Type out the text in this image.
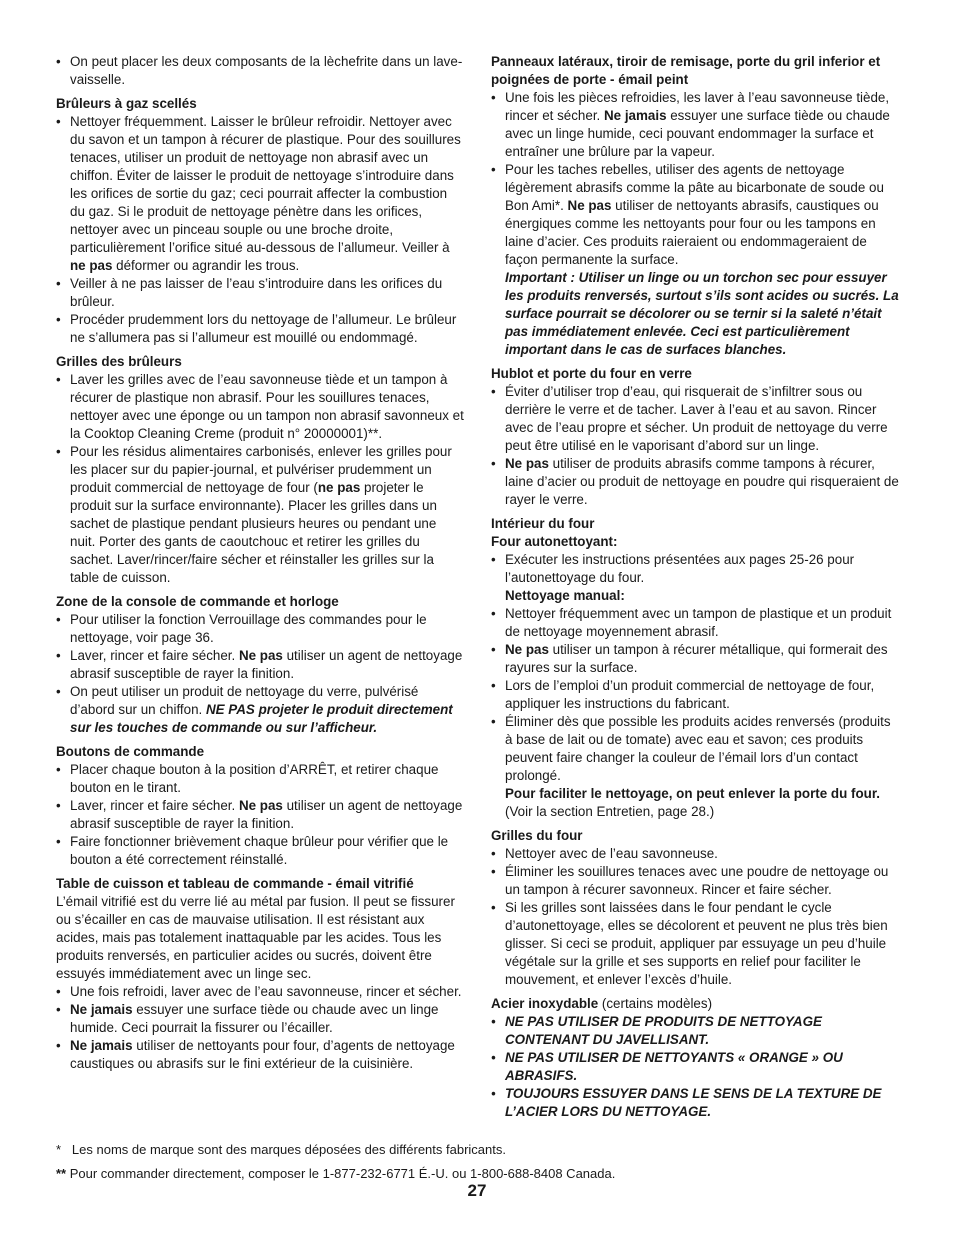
• On peut placer les deux composants de la lèchefrite dans un lave-vaisselle.
Brûleurs à gaz scellés
• Nettoyer fréquemment. Laisser le brûleur refroidir. Nettoyer avec du savon et un tampon à récurer de plastique. Pour des souillures tenaces, utiliser un produit de nettoyage non abrasif avec un chiffon. Éviter de laisser le produit de nettoyage s’introduire dans les orifices de sortie du gaz; ceci pourrait affecter la combustion du gaz. Si le produit de nettoyage pénètre dans les orifices, nettoyer avec un pinceau souple ou une broche droite, particulièrement l’orifice situé au-dessous de l’allumeur. Veiller à ne pas déformer ou agrandir les trous.
• Veiller à ne pas laisser de l’eau s’introduire dans les orifices du brûleur.
• Procéder prudemment lors du nettoyage de l’allumeur. Le brûleur ne s’allumera pas si l’allumeur est mouillé ou endommagé.
Grilles des brûleurs
• Laver les grilles avec de l’eau savonneuse tiède et un tampon à récurer de plastique non abrasif. Pour les souillures tenaces, nettoyer avec une éponge ou un tampon non abrasif savonneux et la Cooktop Cleaning Creme (produit n° 20000001)**.
• Pour les résidus alimentaires carbonisés, enlever les grilles pour les placer sur du papier-journal, et pulvériser prudemment un produit commercial de nettoyage de four (ne pas projeter le produit sur la surface environnante). Placer les grilles dans un sachet de plastique pendant plusieurs heures ou pendant une nuit. Porter des gants de caoutchouc et retirer les grilles du sachet. Laver/rincer/faire sécher et réinstaller les grilles sur la table de cuisson.
Zone de la console de commande et horloge
• Pour utiliser la fonction Verrouillage des commandes pour le nettoyage, voir page 36.
• Laver, rincer et faire sécher. Ne pas utiliser un agent de nettoyage abrasif susceptible de rayer la finition.
• On peut utiliser un produit de nettoyage du verre, pulvérisé d’abord sur un chiffon. NE PAS projeter le produit directement sur les touches de commande ou sur l’afficheur.
Boutons de commande
• Placer chaque bouton à la position d’ARRÊT, et retirer chaque bouton en le tirant.
• Laver, rincer et faire sécher. Ne pas utiliser un agent de nettoyage abrasif susceptible de rayer la finition.
• Faire fonctionner brièvement chaque brûleur pour vérifier que le bouton a été correctement réinstallé.
Table de cuisson et tableau de commande - émail vitrifié

L’émail vitrifié est du verre lié au métal par fusion. Il peut se fissurer ou s’écailler en cas de mauvaise utilisation. Il est résistant aux acides, mais pas totalement inattaquable par les acides. Tous les produits renversés, en particulier acides ou sucrés, doivent être essuyés immédiatement avec un linge sec.

• Une fois refroidi, laver avec de l’eau savonneuse, rincer et sécher.
• Ne jamais essuyer une surface tiède ou chaude avec un linge humide. Ceci pourrait la fissurer ou l’écailler.
• Ne jamais utiliser de nettoyants pour four, d’agents de nettoyage caustiques ou abrasifs sur le fini extérieur de la cuisinière.
Panneaux latéraux, tiroir de remisage, porte du gril inferior et poignées de porte - émail peint
• Une fois les pièces refroidies, les laver à l’eau savonneuse tiède, rincer et sécher. Ne jamais essuyer une surface tiède ou chaude avec un linge humide, ceci pouvant endommager la surface et entraîner une brûlure par la vapeur.
• Pour les taches rebelles, utiliser des agents de nettoyage légèrement abrasifs comme la pâte au bicarbonate de soude ou Bon Ami*. Ne pas utiliser de nettoyants abrasifs, caustiques ou énergiques comme les nettoyants pour four ou les tampons en laine d’acier. Ces produits raieraient ou endommageraient de façon permanente la surface.

Important : Utiliser un linge ou un torchon sec pour essuyer les produits renversés, surtout s’ils sont acides ou sucrés. La surface pourrait se décolorer ou se ternir si la saleté n’était pas immédiatement enlevée. Ceci est particulièrement important dans le cas de surfaces blanches.

Hublot et porte du four en verre
• Éviter d’utiliser trop d’eau, qui risquerait de s’infiltrer sous ou derrière le verre et de tacher. Laver à l’eau et au savon. Rincer avec de l’eau propre et sécher. Un produit de nettoyage du verre peut être utilisé en le vaporisant d’abord sur un linge.
• Ne pas utiliser de produits abrasifs comme tampons à récurer, laine d’acier ou produit de nettoyage en poudre qui risqueraient de rayer le verre.
Intérieur du four
Four autonettoyant:
• Exécuter les instructions présentées aux pages 25-26 pour l’autonettoyage du four.
Nettoyage manual:
• Nettoyer fréquemment avec un tampon de plastique et un produit de nettoyage moyennement abrasif.
• Ne pas utiliser un tampon à récurer métallique, qui formerait des rayures sur la surface.
• Lors de l’emploi d’un produit commercial de nettoyage de four, appliquer les instructions du fabricant.
• Éliminer dès que possible les produits acides renversés (produits à base de lait ou de tomate) avec eau et savon; ces produits peuvent faire changer la couleur de l’émail lors d’un contact prolongé.
Pour faciliter le nettoyage, on peut enlever la porte du four.
(Voir la section Entretien, page 28.)
Grilles du four
• Nettoyer avec de l’eau savonneuse.
• Éliminer les souillures tenaces avec une poudre de nettoyage ou un tampon à récurer savonneux. Rincer et faire sécher.
• Si les grilles sont laissées dans le four pendant le cycle d’autonettoyage, elles se décolorent et peuvent ne plus très bien glisser. Si ceci se produit, appliquer par essuyage un peu d’huile végétale sur la grille et ses supports en relief pour faciliter le mouvement, et enlever l’excès d’huile.

Acier inoxydable (certains modèles)

• NE PAS UTILISER DE PRODUITS DE NETTOYAGE CONTENANT DU JAVELLISANT.
• NE PAS UTILISER DE NETTOYANTS « ORANGE » OU ABRASIFS.
• TOUJOURS ESSUYER DANS LE SENS DE LA TEXTURE DE L’ACIER LORS DU NETTOYAGE.

* Les noms de marque sont des marques déposées des différents fabricants.

** Pour commander directement, composer le 1-877-232-6771 É.-U. ou 1-800-688-8408 Canada.

27
